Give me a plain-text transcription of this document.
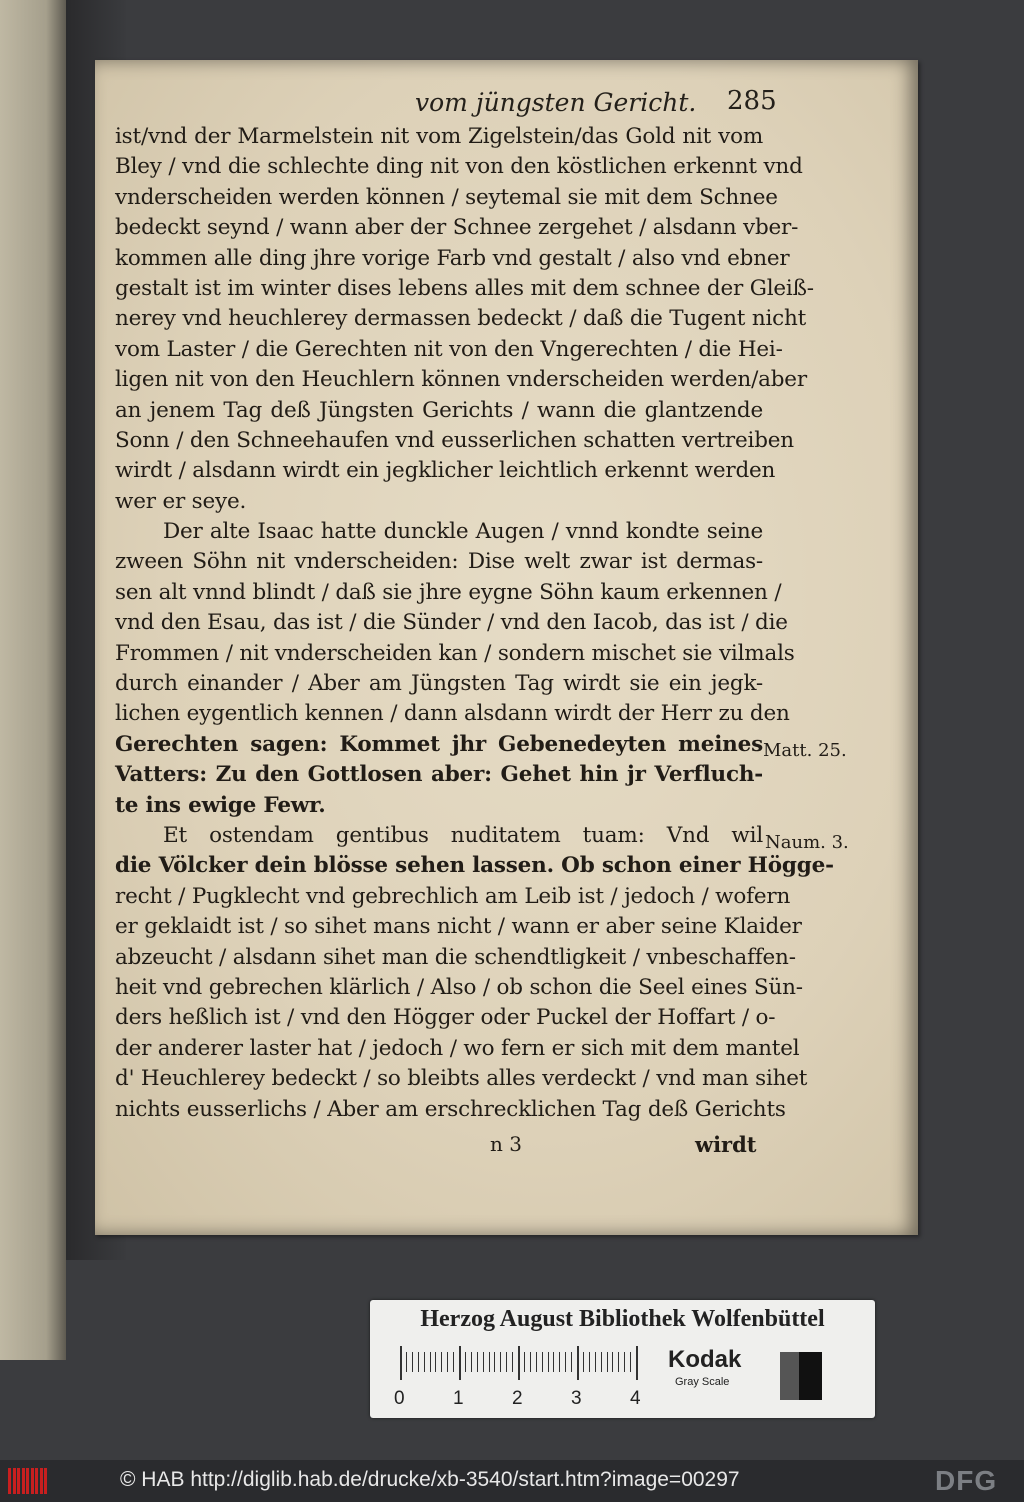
vom jüngsten Gericht. 285
ist/vnd der Marmelstein nit vom Zigelstein/das Gold nit vom
Bley / vnd die schlechte ding nit von den köstlichen erkennt vnd
vnderscheiden werden können / seytemal sie mit dem Schnee
bedeckt seynd / wann aber der Schnee zergehet / alsdann vber-
kommen alle ding jhre vorige Farb vnd gestalt / also vnd ebner
gestalt ist im winter dises lebens alles mit dem schnee der Gleiß-
nerey vnd heuchlerey dermassen bedeckt / daß die Tugent nicht
vom Laster / die Gerechten nit von den Vngerechten / die Hei-
ligen nit von den Heuchlern können vnderscheiden werden/aber
an jenem Tag deß Jüngsten Gerichts / wann die glantzende
Sonn / den Schneehaufen vnd eusserlichen schatten vertreiben
wirdt / alsdann wirdt ein jegklicher leichtlich erkennt werden
wer er seye.
Der alte Isaac hatte dunckle Augen / vnnd kondte seine
zween Söhn nit vnderscheiden: Dise welt zwar ist dermas-
sen alt vnnd blindt / daß sie jhre eygne Söhn kaum erkennen /
vnd den Esau, das ist / die Sünder / vnd den Iacob, das ist / die
Frommen / nit vnderscheiden kan / sondern mischet sie vilmals
durch einander / Aber am Jüngsten Tag wirdt sie ein jegk-
lichen eygentlich kennen / dann alsdann wirdt der Herr zu den
Gerechten sagen: Kommet jhr Gebenedeyten meines
Vatters: Zu den Gottlosen aber: Gehet hin jr Verfluch-
te ins ewige Fewr.
Et ostendam gentibus nuditatem tuam: Vnd wil
die Völcker dein blösse sehen lassen. Ob schon einer Högge-
recht / Pugklecht vnd gebrechlich am Leib ist / jedoch / wofern
er geklaidt ist / so sihet mans nicht / wann er aber seine Klaider
abzeucht / alsdann sihet man die schendtligkeit / vnbeschaffen-
heit vnd gebrechen klärlich / Also / ob schon die Seel eines Sün-
ders heßlich ist / vnd den Högger oder Puckel der Hoffart / o-
der anderer laster hat / jedoch / wo fern er sich mit dem mantel
d' Heuchlerey bedeckt / so bleibts alles verdeckt / vnd man sihet
nichts eusserlichs / Aber am erschrecklichen Tag deß Gerichts
Matt. 25.
Naum. 3.
n 3	wirdt
Herzog August Bibliothek Wolfenbüttel
0	1	2	3	4
Kodak
Gray Scale
© HAB http://diglib.hab.de/drucke/xb-3540/start.htm?image=00297	DFG
